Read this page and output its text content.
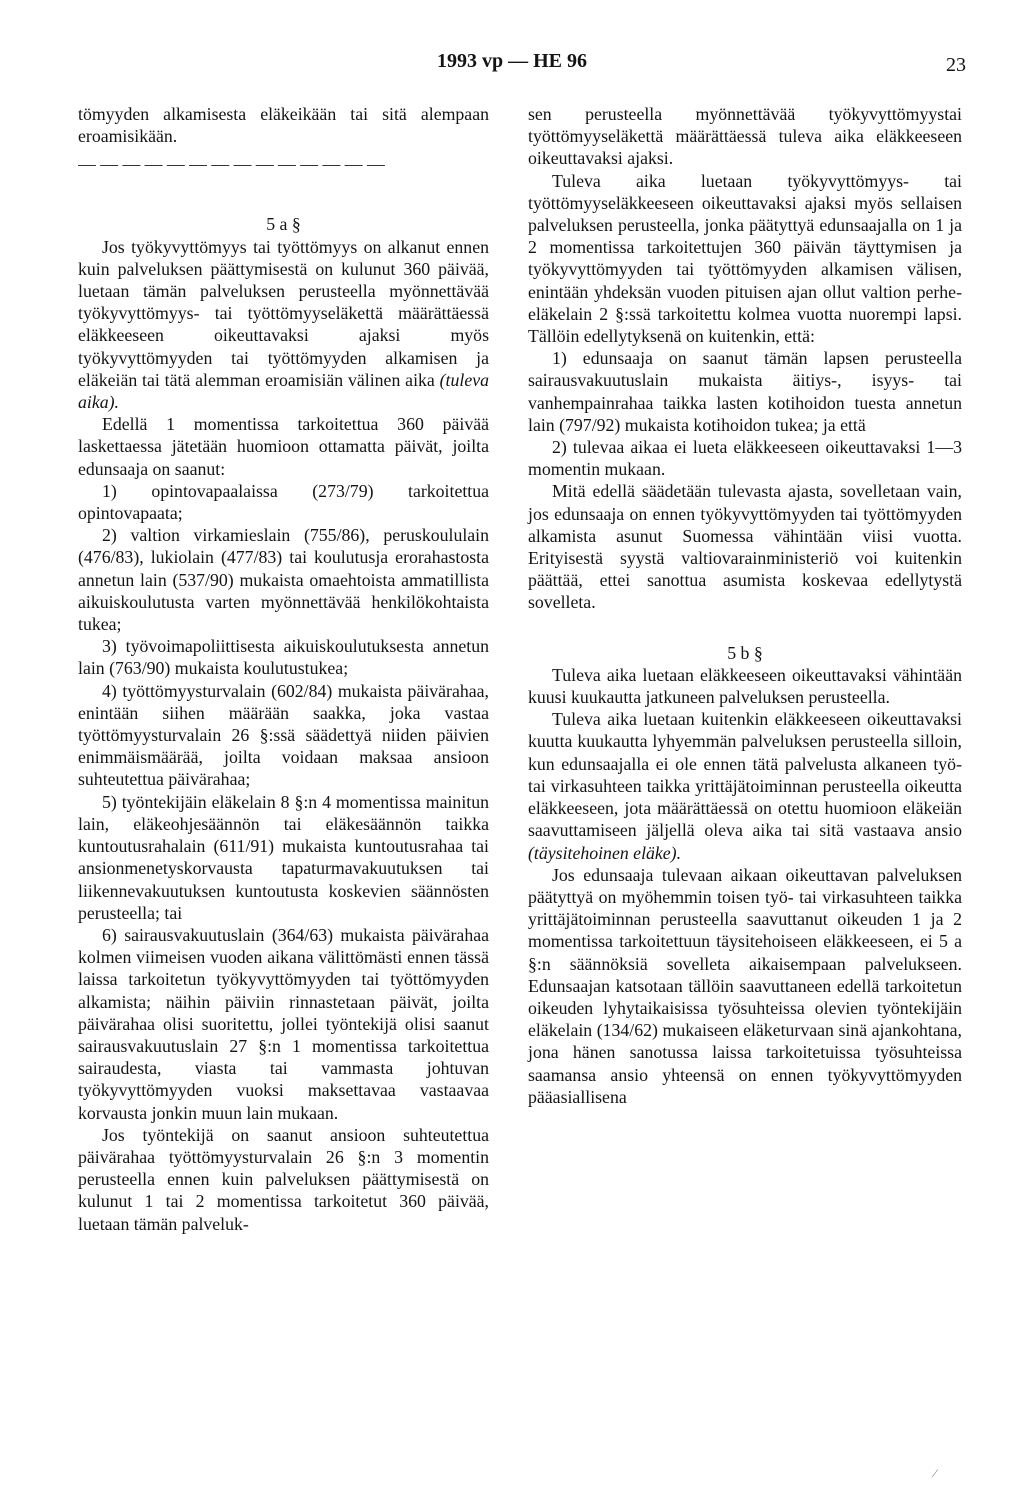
1993 vp — HE 96	23

tömyyden alkamisesta eläkeikään tai sitä alempaan eroamisikään.

— — — — — — — — — — — — — —

5 a §

Jos työkyvyttömyys tai työttömyys on alkanut ennen kuin palveluksen päättymisestä on kulunut 360 päivää, luetaan tämän palveluksen perusteella myönnettävää työkyvyttömyys- tai työttömyyseläkettä määrättäessä eläkkeeseen oikeuttavaksi ajaksi myös työkyvyttömyyden tai työttömyyden alkamisen ja eläkeiän tai tätä alemman eroamisiän välinen aika (tuleva aika).

Edellä 1 momentissa tarkoitettua 360 päivää laskettaessa jätetään huomioon ottamatta päivät, joilta edunsaaja on saanut:

1) opintovapaalaissa (273/79) tarkoitettua opintovapaata;

2) valtion virkamieslain (755/86), peruskoululain (476/83), lukiolain (477/83) tai koulutusja erorahastosta annetun lain (537/90) mukaista omaehtoista ammatillista aikuiskoulutusta varten myönnettävää henkilökohtaista tukea;

3) työvoimapoliittisesta aikuiskoulutuksesta annetun lain (763/90) mukaista koulutustukea;

4) työttömyysturvalain (602/84) mukaista päivärahaa, enintään siihen määrään saakka, joka vastaa työttömyysturvalain 26 §:ssä säädettyä niiden päivien enimmäismäärää, joilta voidaan maksaa ansioon suhteutettua päivärahaa;

5) työntekijäin eläkelain 8 §:n 4 momentissa mainitun lain, eläkeohjesäännön tai eläkesäännön taikka kuntoutusrahalain (611/91) mukaista kuntoutusrahaa tai ansionmenetyskorvausta tapaturmavakuutuksen tai liikennevakuutuksen kuntoutusta koskevien säännösten perusteella; tai

6) sairausvakuutuslain (364/63) mukaista päivärahaa kolmen viimeisen vuoden aikana välittömästi ennen tässä laissa tarkoitetun työkyvyttömyyden tai työttömyyden alkamista; näihin päiviin rinnastetaan päivät, joilta päivärahaa olisi suoritettu, jollei työntekijä olisi saanut sairausvakuutuslain 27 §:n 1 momentissa tarkoitettua sairaudesta, viasta tai vammasta johtuvan työkyvyttömyyden vuoksi maksettavaa vastaavaa korvausta jonkin muun lain mukaan.

Jos työntekijä on saanut ansioon suhteutettua päivärahaa työttömyysturvalain 26 §:n 3 momentin perusteella ennen kuin palveluksen päättymisestä on kulunut 1 tai 2 momentissa tarkoitetut 360 päivää, luetaan tämän palveluk-

sen perusteella myönnettävää työkyvyttömyystai työttömyyseläkettä määrättäessä tuleva aika eläkkeeseen oikeuttavaksi ajaksi.

Tuleva aika luetaan työkyvyttömyys- tai työttömyyseläkkeeseen oikeuttavaksi ajaksi myös sellaisen palveluksen perusteella, jonka päätyttyä edunsaajalla on 1 ja 2 momentissa tarkoitettujen 360 päivän täyttymisen ja työkyvyttömyyden tai työttömyyden alkamisen välisen, enintään yhdeksän vuoden pituisen ajan ollut valtion perhe-eläkelain 2 §:ssä tarkoitettu kolmea vuotta nuorempi lapsi. Tällöin edellytyksenä on kuitenkin, että:

1) edunsaaja on saanut tämän lapsen perusteella sairausvakuutuslain mukaista äitiys-, isyys- tai vanhempainrahaa taikka lasten kotihoidon tuesta annetun lain (797/92) mukaista kotihoidon tukea; ja että

2) tulevaa aikaa ei lueta eläkkeeseen oikeuttavaksi 1—3 momentin mukaan.

Mitä edellä säädetään tulevasta ajasta, sovelletaan vain, jos edunsaaja on ennen työkyvyttömyyden tai työttömyyden alkamista asunut Suomessa vähintään viisi vuotta. Erityisestä syystä valtiovarainministeriö voi kuitenkin päättää, ettei sanottua asumista koskevaa edellytystä sovelleta.

5 b §

Tuleva aika luetaan eläkkeeseen oikeuttavaksi vähintään kuusi kuukautta jatkuneen palveluksen perusteella.

Tuleva aika luetaan kuitenkin eläkkeeseen oikeuttavaksi kuutta kuukautta lyhyemmän palveluksen perusteella silloin, kun edunsaajalla ei ole ennen tätä palvelusta alkaneen työ- tai virkasuhteen taikka yrittäjätoiminnan perusteella oikeutta eläkkeeseen, jota määrättäessä on otettu huomioon eläkeiän saavuttamiseen jäljellä oleva aika tai sitä vastaava ansio (täysitehoinen eläke).

Jos edunsaaja tulevaan aikaan oikeuttavan palveluksen päätyttyä on myöhemmin toisen työ- tai virkasuhteen taikka yrittäjätoiminnan perusteella saavuttanut oikeuden 1 ja 2 momentissa tarkoitettuun täysitehoiseen eläkkeeseen, ei 5 a §:n säännöksiä sovelleta aikaisempaan palvelukseen. Edunsaajan katsotaan tällöin saavuttaneen edellä tarkoitetun oikeuden lyhytaikaisissa työsuhteissa olevien työntekijäin eläkelain (134/62) mukaiseen eläketurvaan sinä ajankohtana, jona hänen sanotussa laissa tarkoitetuissa työsuhteissa saamansa ansio yhteensä on ennen työkyvyttömyyden pääasiallisena

⁄
